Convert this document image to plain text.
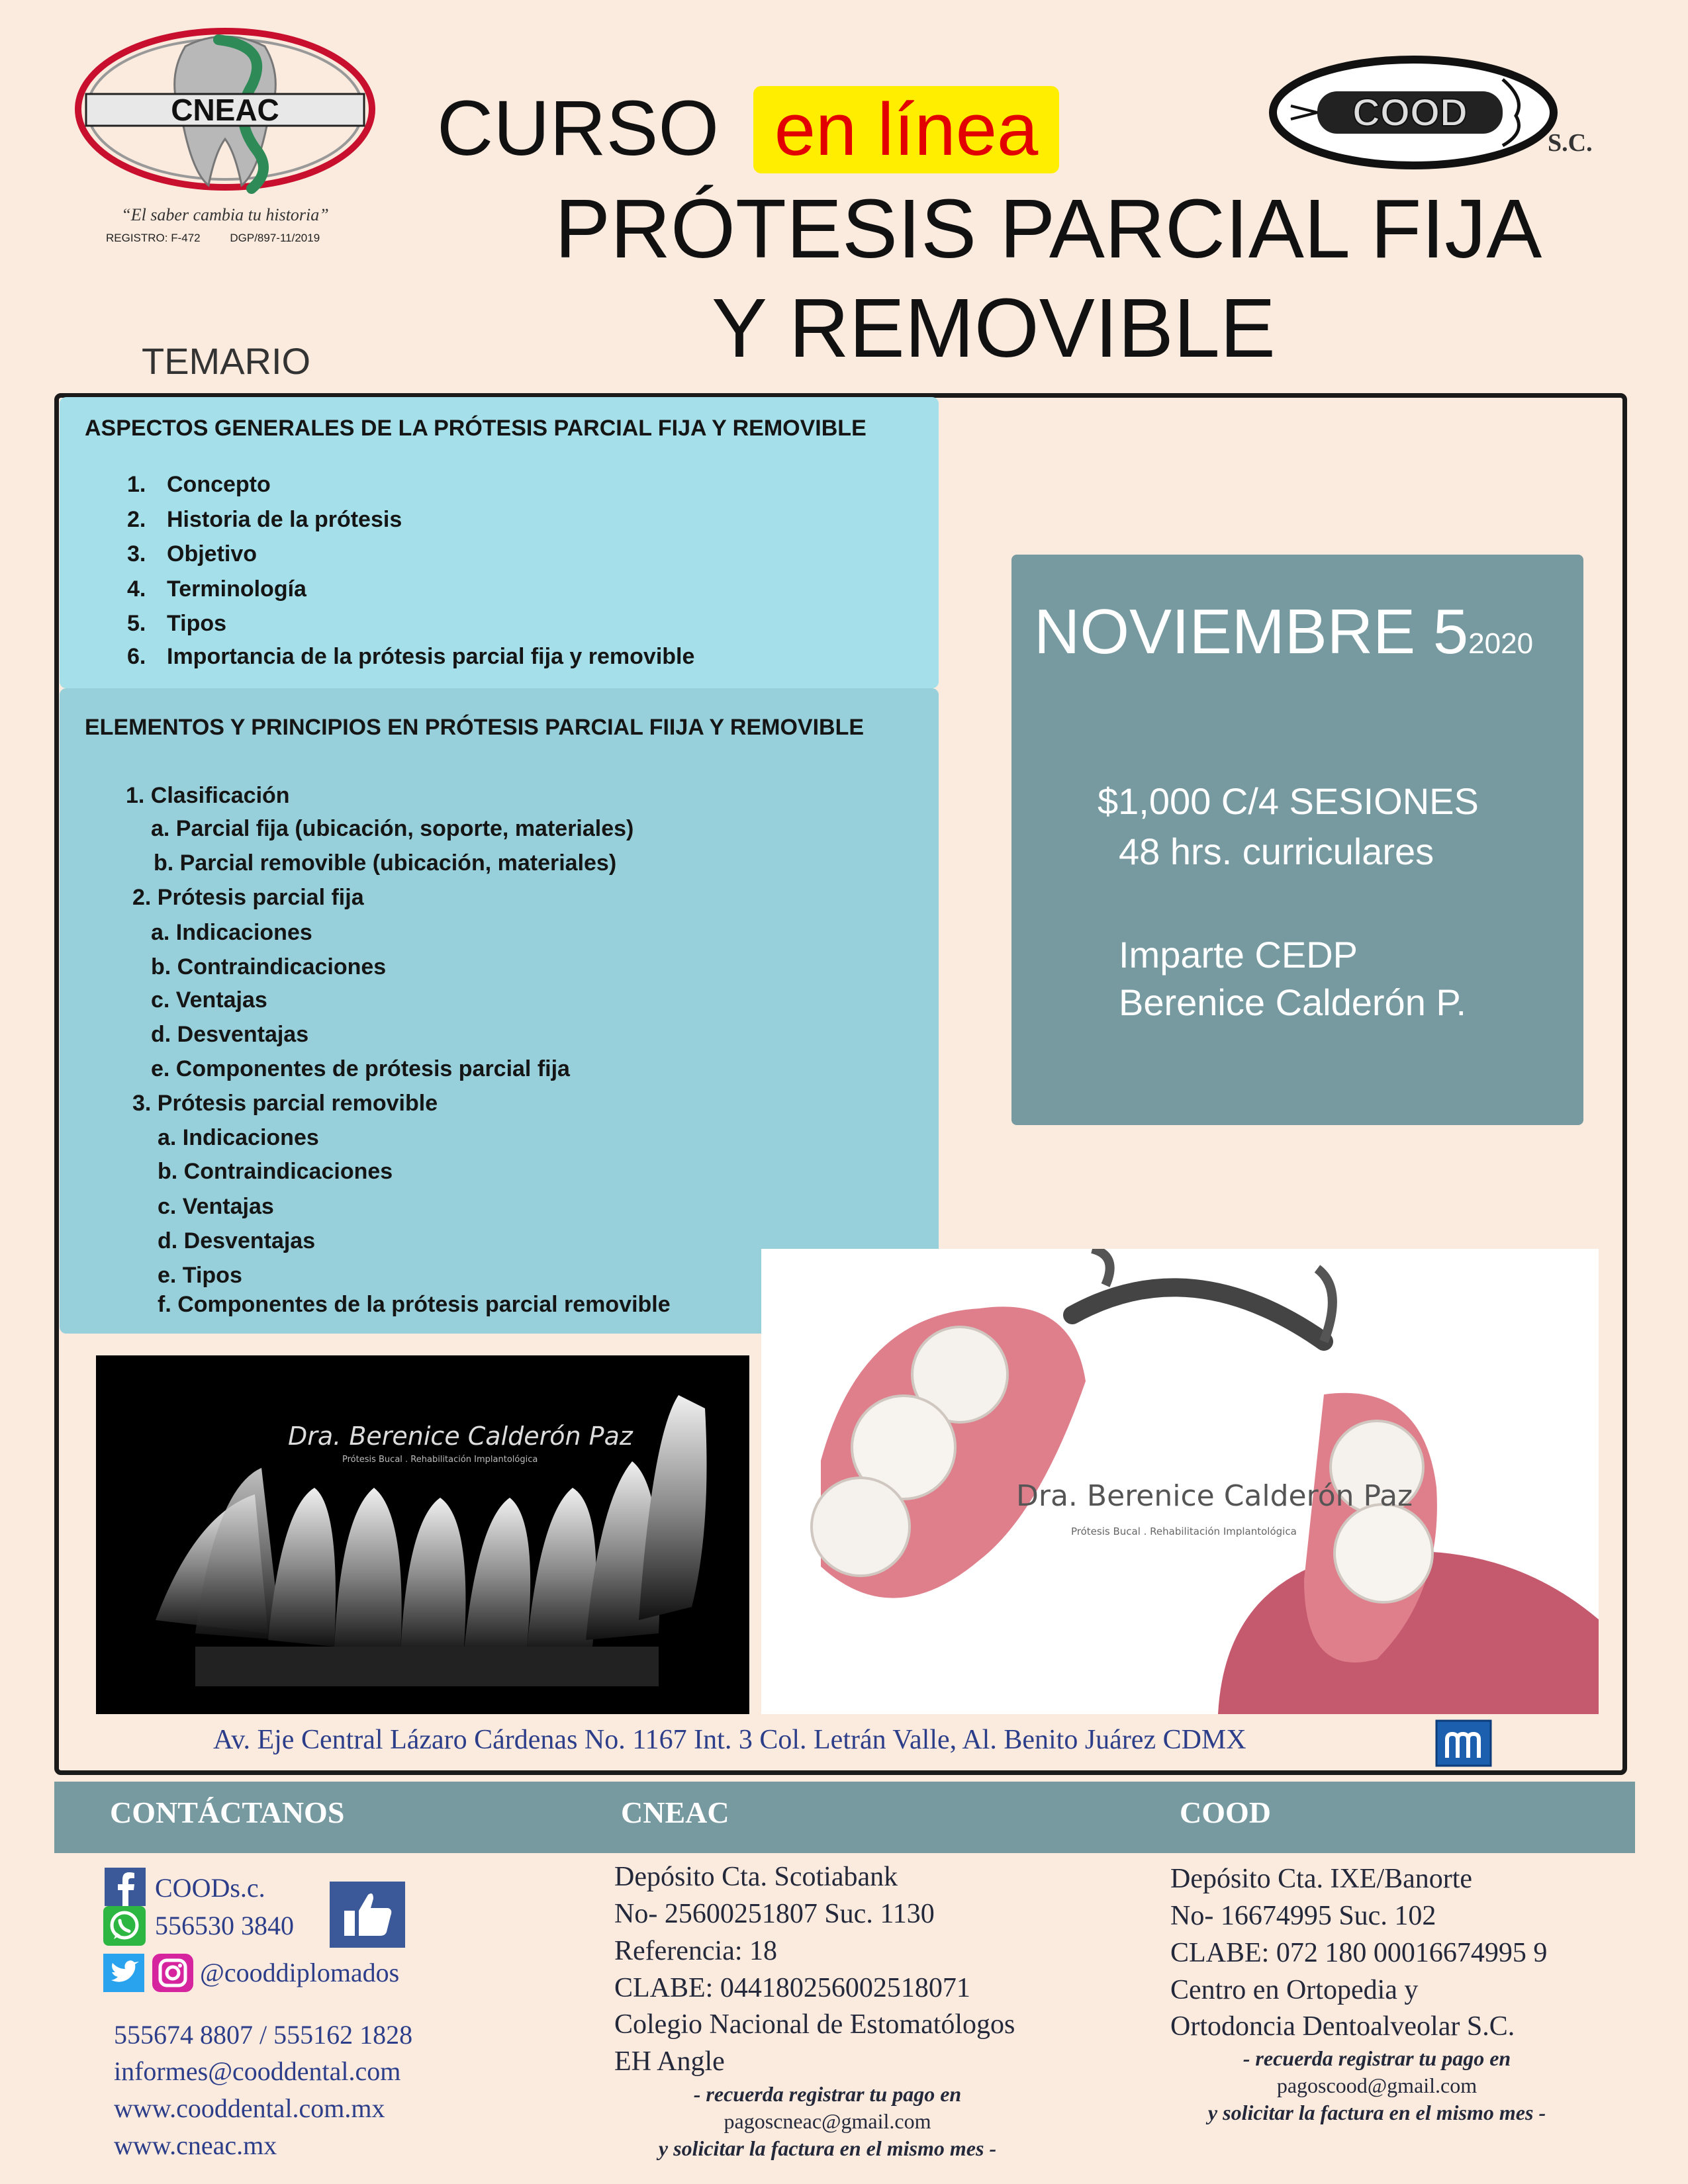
CNEAC
“El saber cambia tu historia”
REGISTRO: F-472	DGP/897-11/2019
CURSO en línea	COOD
S.C.
PRÓTESIS PARCIAL FIJA
Y REMOVIBLE
TEMARIO
ASPECTOS GENERALES DE LA PRÓTESIS PARCIAL FIJA Y REMOVIBLE
1. Concepto
2. Historia de la prótesis
3. Objetivo
4. Terminología
5. Tipos
6. Importancia de la prótesis parcial fija y removible
ELEMENTOS Y PRINCIPIOS EN PRÓTESIS PARCIAL FIIJA Y REMOVIBLE
1. Clasificación
a. Parcial fija (ubicación, soporte, materiales)
b. Parcial removible (ubicación, materiales)
2. Prótesis parcial fija
a. Indicaciones
b. Contraindicaciones
c. Ventajas
d. Desventajas
e. Componentes de prótesis parcial fija
3. Prótesis parcial removible
a. Indicaciones
b. Contraindicaciones
c. Ventajas
d. Desventajas
e. Tipos
f. Componentes de la prótesis parcial removible
NOVIEMBRE 52020
$1,000 C/4 SESIONES
48 hrs. curriculares
Imparte CEDP
Berenice Calderón P.
Dra. Berenice Calderón Paz
Prótesis Bucal . Rehabilitación Implantológica
Dra. Berenice Calderón Paz
Prótesis Bucal . Rehabilitación Implantológica
Av. Eje Central Lázaro Cárdenas No. 1167 Int. 3 Col. Letrán Valle, Al. Benito Juárez CDMX
CONTÁCTANOS	CNEAC	COOD
COODs.c.
556530 3840
@cooddiplomados
555674 8807 / 555162 1828
informes@cooddental.com
www.cooddental.com.mx
www.cneac.mx
Depósito Cta. Scotiabank
No- 25600251807 Suc. 1130
Referencia: 18
CLABE: 044180256002518071
Colegio Nacional de Estomatólogos
EH Angle
- recuerda registrar tu pago en
pagoscneac@gmail.com
y solicitar la factura en el mismo mes -
Depósito Cta. IXE/Banorte
No- 16674995 Suc. 102
CLABE: 072 180 00016674995 9
Centro en Ortopedia y
Ortodoncia Dentoalveolar S.C.
- recuerda registrar tu pago en
pagoscood@gmail.com
y solicitar la factura en el mismo mes -
